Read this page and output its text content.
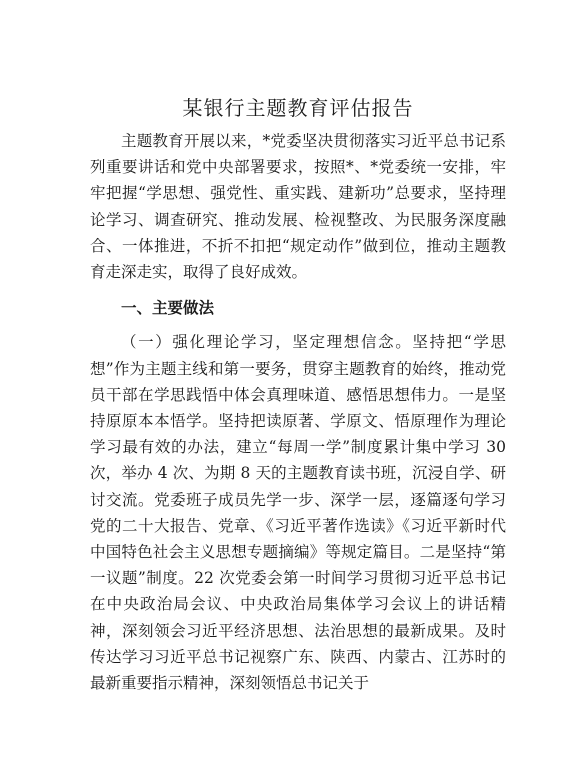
某银行主题教育评估报告

主题教育开展以来，*党委坚决贯彻落实习近平总书记系列重要讲话和党中央部署要求，按照*、*党委统一安排，牢牢把握“学思想、强党性、重实践、建新功”总要求，坚持理论学习、调查研究、推动发展、检视整改、为民服务深度融合、一体推进，不折不扣把“规定动作”做到位，推动主题教育走深走实，取得了良好成效。

一、主要做法

（一）强化理论学习，坚定理想信念。坚持把“学思想”作为主题主线和第一要务，贯穿主题教育的始终，推动党员干部在学思践悟中体会真理味道、感悟思想伟力。一是坚持原原本本悟学。坚持把读原著、学原文、悟原理作为理论学习最有效的办法，建立“每周一学”制度累计集中学习 30 次，举办 4 次、为期 8 天的主题教育读书班，沉浸自学、研讨交流。党委班子成员先学一步、深学一层，逐篇逐句学习党的二十大报告、党章、《习近平著作选读》《习近平新时代中国特色社会主义思想专题摘编》等规定篇目。二是坚持“第一议题”制度。22 次党委会第一时间学习贯彻习近平总书记在中央政治局会议、中央政治局集体学习会议上的讲话精神，深刻领会习近平经济思想、法治思想的最新成果。及时传达学习习近平总书记视察广东、陕西、内蒙古、江苏时的最新重要指示精神，深刻领悟总书记关于
